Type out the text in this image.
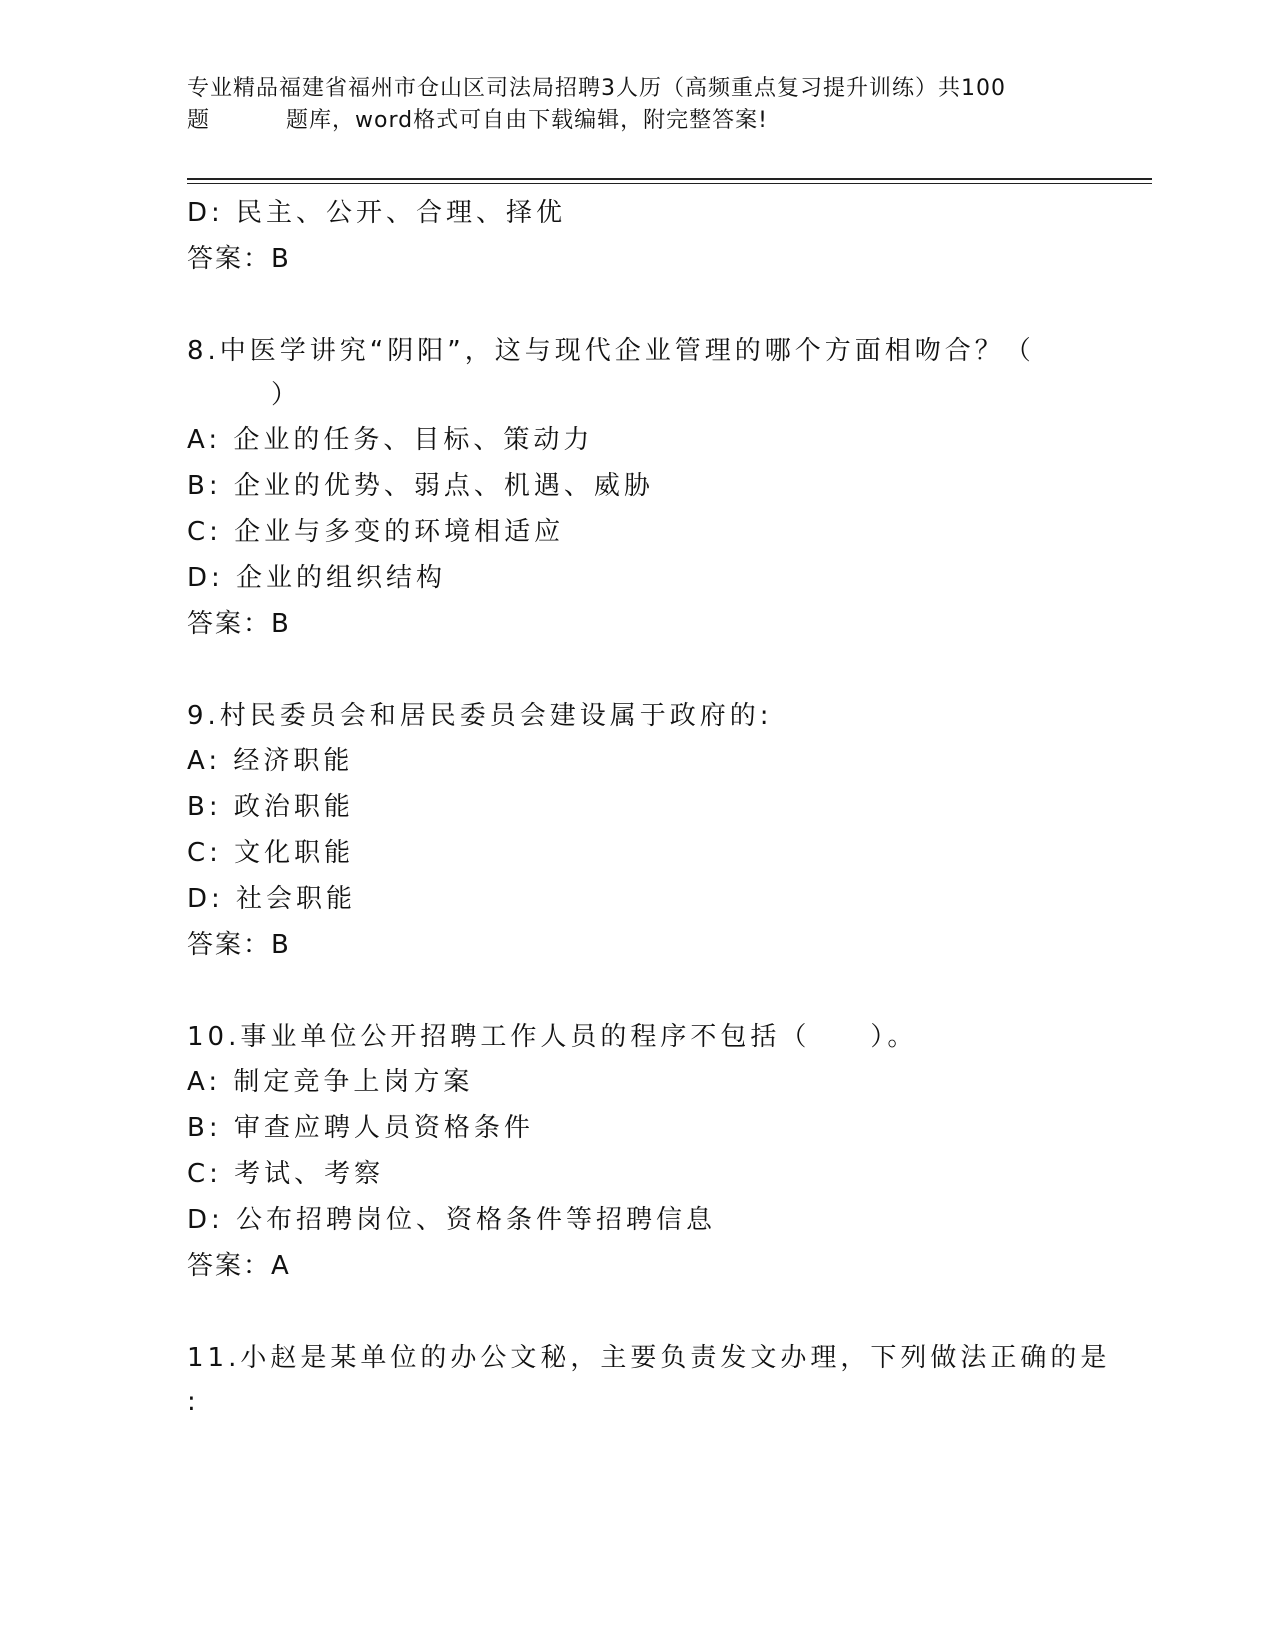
专业精品福建省福州市仓山区司法局招聘3人历（高频重点复习提升训练）共100
题	题库，word格式可自由下载编辑，附完整答案!
D: 民主、公开、合理、择优
答案：B
8.中医学讲究“阴阳”，这与现代企业管理的哪个方面相吻合？（
）
A: 企业的任务、目标、策动力
B: 企业的优势、弱点、机遇、威胁
C: 企业与多变的环境相适应
D: 企业的组织结构
答案：B
9.村民委员会和居民委员会建设属于政府的:
A: 经济职能
B: 政治职能
C: 文化职能
D: 社会职能
答案：B
10.事业单位公开招聘工作人员的程序不包括（　　）。
A: 制定竞争上岗方案
B: 审查应聘人员资格条件
C: 考试、考察
D: 公布招聘岗位、资格条件等招聘信息
答案：A
11.小赵是某单位的办公文秘，主要负责发文办理，下列做法正确的是
:
